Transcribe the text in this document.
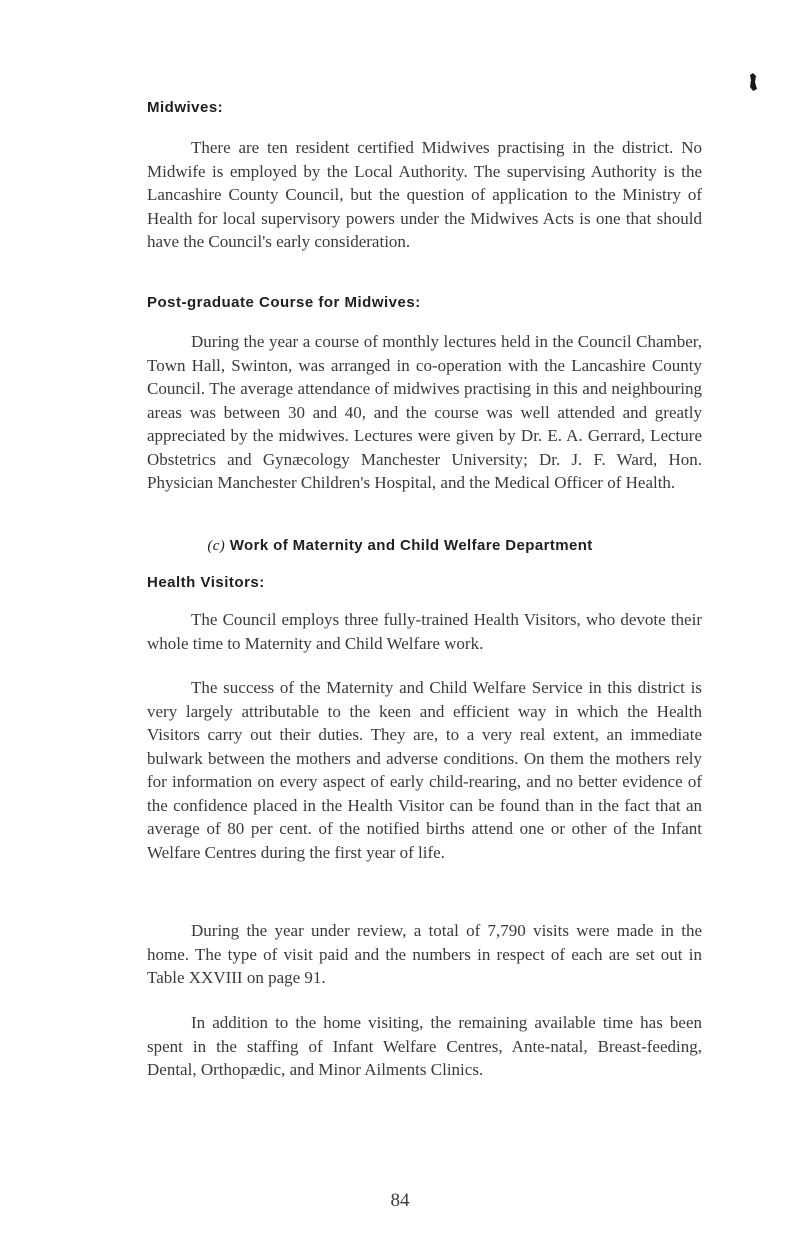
Midwives:

There are ten resident certified Midwives practising in the district. No Midwife is employed by the Local Authority. The supervising Authority is the Lancashire County Council, but the question of application to the Ministry of Health for local supervisory powers under the Midwives Acts is one that should have the Council's early consideration.

Post-graduate Course for Midwives:

During the year a course of monthly lectures held in the Council Chamber, Town Hall, Swinton, was arranged in co-operation with the Lancashire County Council. The average attendance of midwives practising in this and neighbouring areas was between 30 and 40, and the course was well attended and greatly appreciated by the midwives. Lectures were given by Dr. E. A. Gerrard, Lecture Obstetrics and Gynæcology Manchester University; Dr. J. F. Ward, Hon. Physician Manchester Children's Hospital, and the Medical Officer of Health.

(c) Work of Maternity and Child Welfare Department
Health Visitors:

The Council employs three fully-trained Health Visitors, who devote their whole time to Maternity and Child Welfare work.

The success of the Maternity and Child Welfare Service in this district is very largely attributable to the keen and efficient way in which the Health Visitors carry out their duties. They are, to a very real extent, an immediate bulwark between the mothers and adverse conditions. On them the mothers rely for information on every aspect of early child-rearing, and no better evidence of the confidence placed in the Health Visitor can be found than in the fact that an average of 80 per cent. of the notified births attend one or other of the Infant Welfare Centres during the first year of life.

During the year under review, a total of 7,790 visits were made in the home. The type of visit paid and the numbers in respect of each are set out in Table XXVIII on page 91.

In addition to the home visiting, the remaining available time has been spent in the staffing of Infant Welfare Centres, Ante-natal, Breast-feeding, Dental, Orthopædic, and Minor Ailments Clinics.

84
